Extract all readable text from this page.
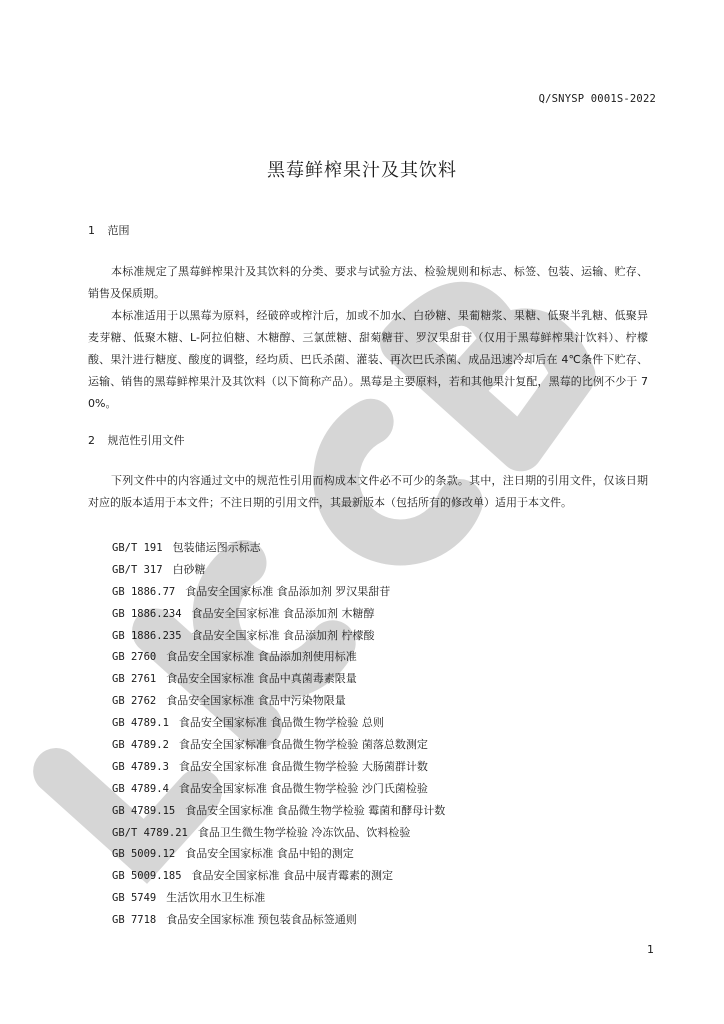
Q/SNYSP 0001S-2022
黑莓鲜榨果汁及其饮料
1 范围
本标准规定了黑莓鲜榨果汁及其饮料的分类、要求与试验方法、检验规则和标志、标签、包装、运输、贮存、销售及保质期。
本标准适用于以黑莓为原料，经破碎或榨汁后，加或不加水、白砂糖、果葡糖浆、果糖、低聚半乳糖、低聚异麦芽糖、低聚木糖、L-阿拉伯糖、木糖醇、三氯蔗糖、甜菊糖苷、罗汉果甜苷（仅用于黑莓鲜榨果汁饮料）、柠檬酸、果汁进行糖度、酸度的调整，经均质、巴氏杀菌、灌装、再次巴氏杀菌、成品迅速冷却后在 4℃条件下贮存、运输、销售的黑莓鲜榨果汁及其饮料（以下简称产品）。黑莓是主要原料，若和其他果汁复配，黑莓的比例不少于 70%。
2 规范性引用文件
下列文件中的内容通过文中的规范性引用而构成本文件必不可少的条款。其中，注日期的引用文件，仅该日期对应的版本适用于本文件；不注日期的引用文件，其最新版本（包括所有的修改单）适用于本文件。
GB/T 191 包装储运图示标志
GB/T 317 白砂糖
GB 1886.77 食品安全国家标准 食品添加剂 罗汉果甜苷
GB 1886.234 食品安全国家标准 食品添加剂 木糖醇
GB 1886.235 食品安全国家标准 食品添加剂 柠檬酸
GB 2760 食品安全国家标准 食品添加剂使用标准
GB 2761 食品安全国家标准 食品中真菌毒素限量
GB 2762 食品安全国家标准 食品中污染物限量
GB 4789.1 食品安全国家标准 食品微生物学检验 总则
GB 4789.2 食品安全国家标准 食品微生物学检验 菌落总数测定
GB 4789.3 食品安全国家标准 食品微生物学检验 大肠菌群计数
GB 4789.4 食品安全国家标准 食品微生物学检验 沙门氏菌检验
GB 4789.15 食品安全国家标准 食品微生物学检验 霉菌和酵母计数
GB/T 4789.21 食品卫生微生物学检验 冷冻饮品、饮料检验
GB 5009.12 食品安全国家标准 食品中铅的测定
GB 5009.185 食品安全国家标准 食品中展青霉素的测定
GB 5749 生活饮用水卫生标准
GB 7718 食品安全国家标准 预包装食品标签通则
1
